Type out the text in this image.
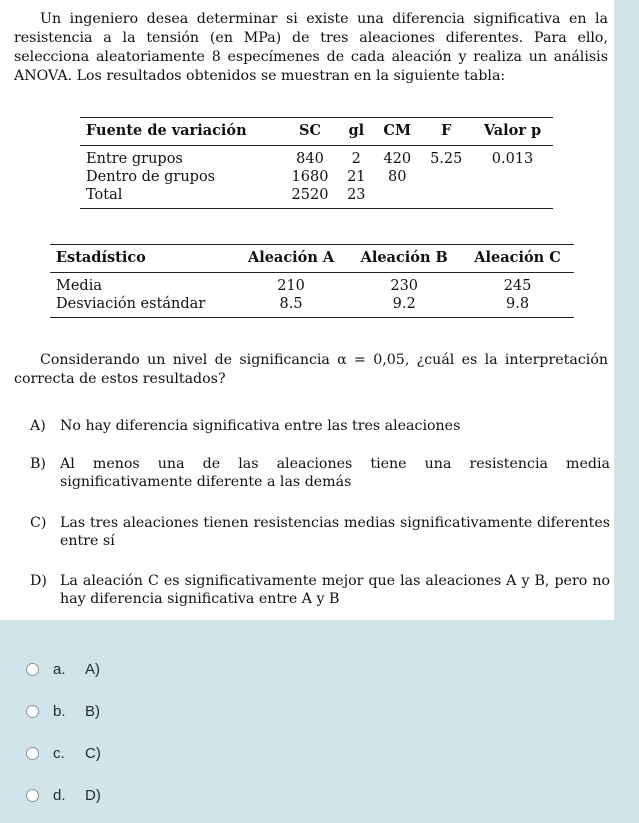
Un ingeniero desea determinar si existe una diferencia significativa en la resistencia a la tensión (en MPa) de tres aleaciones diferentes. Para ello, selecciona aleatoriamente 8 especímenes de cada aleación y realiza un análisis ANOVA. Los resultados obtenidos se muestran en la siguiente tabla:
Fuente de variación	SC	gl	CM	F	Valor p
Entre grupos	840	2	420	5.25	0.013
Dentro de grupos	1680	21	80		
Total	2520	23			
Estadístico	Aleación A	Aleación B	Aleación C
Media	210	230	245
Desviación estándar	8.5	9.2	9.8
Considerando un nivel de significancia α = 0,05, ¿cuál es la interpretación correcta de estos resultados?
A) No hay diferencia significativa entre las tres aleaciones
B) Al menos una de las aleaciones tiene una resistencia media significativamente diferente a las demás
C) Las tres aleaciones tienen resistencias medias significativamente diferentes entre sí
D) La aleación C es significativamente mejor que las aleaciones A y B, pero no hay diferencia significativa entre A y B
a.	A)
b.	B)
c.	C)
d.	D)
